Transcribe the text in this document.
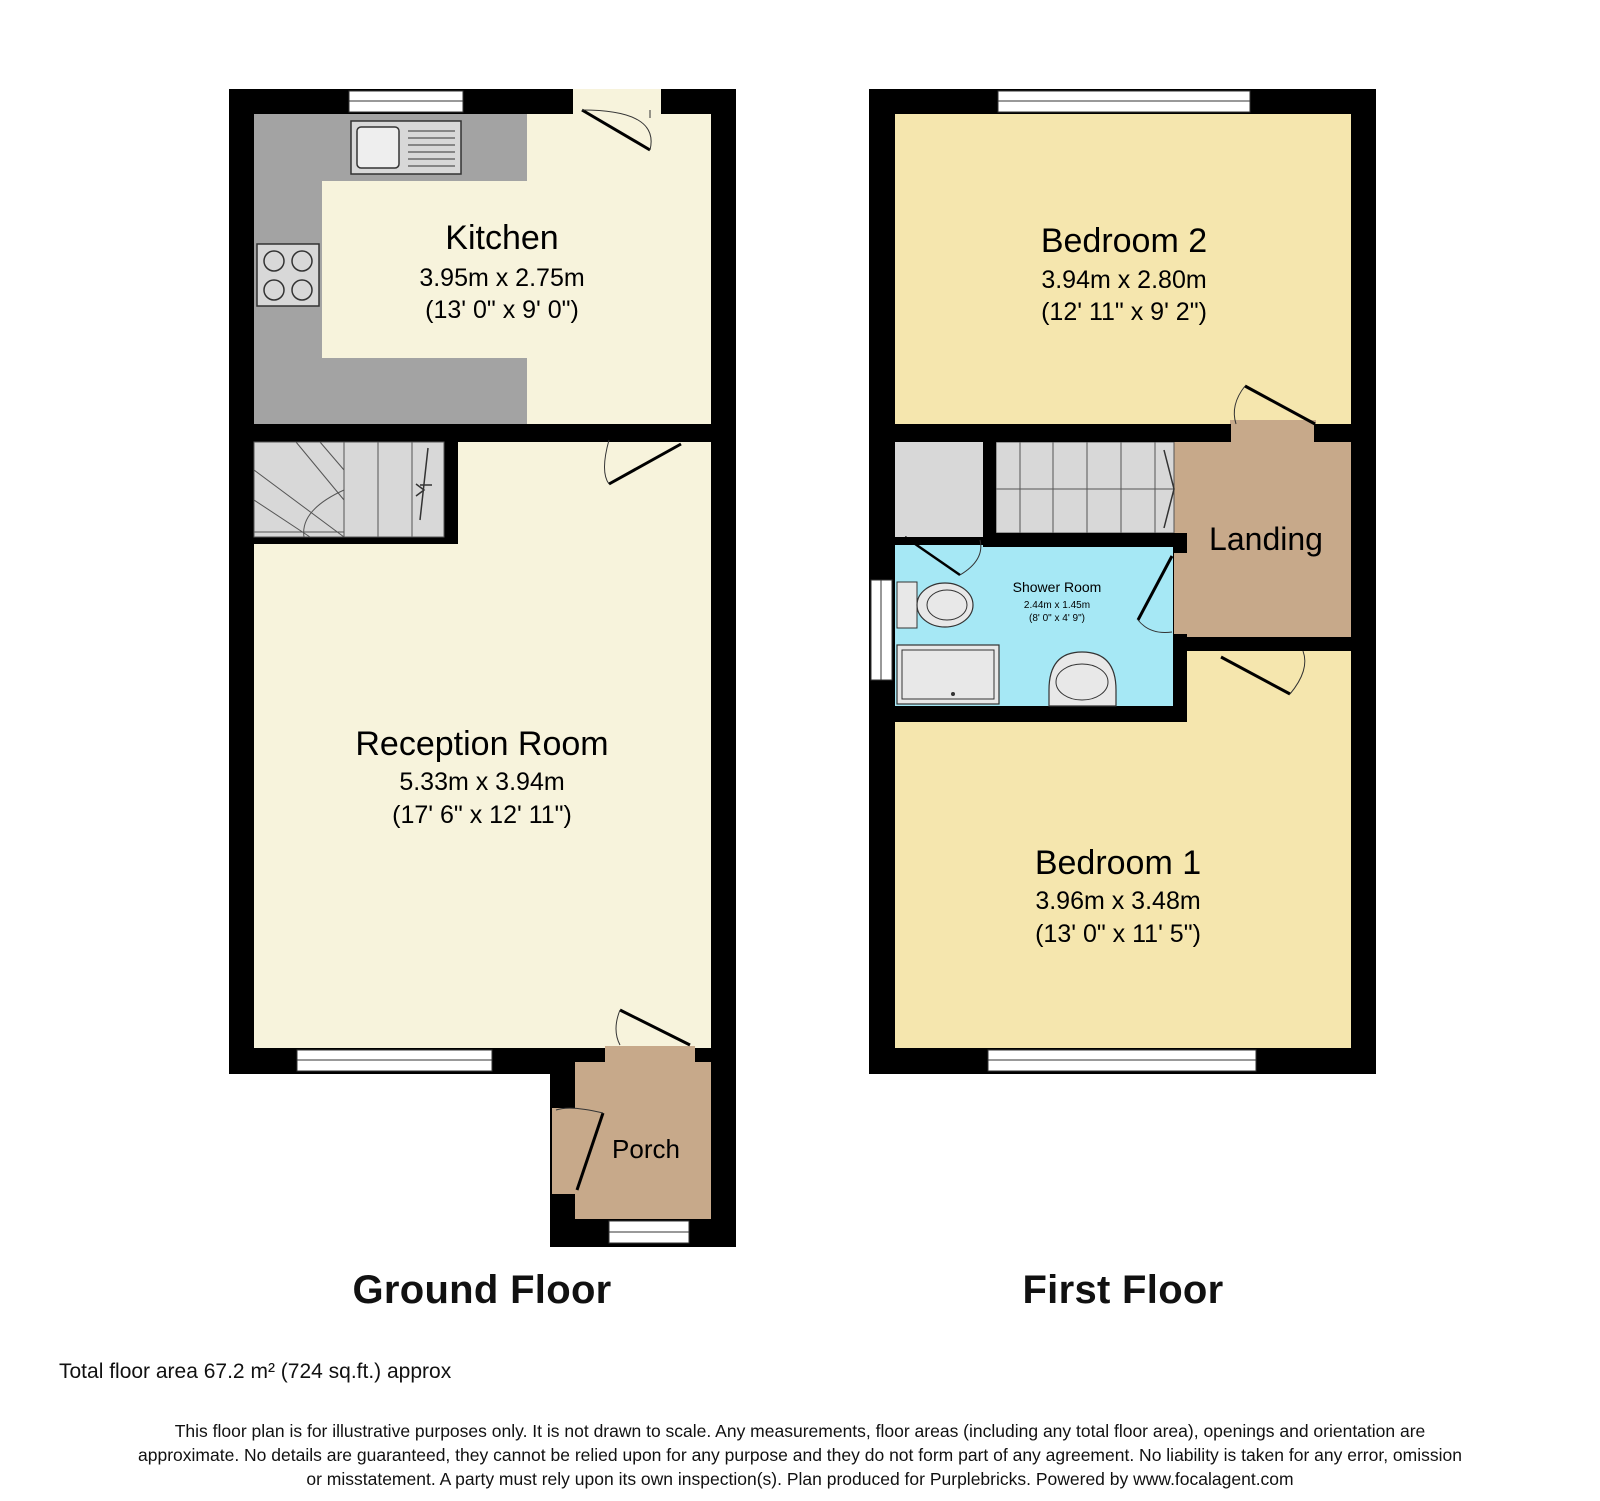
Kitchen
3.95m x 2.75m
(13' 0" x 9' 0")
Reception Room
5.33m x 3.94m
(17' 6" x 12' 11")
Porch
Bedroom 2
3.94m x 2.80m
(12' 11" x 9' 2")
Landing
Shower Room
2.44m x 1.45m
(8' 0" x 4' 9")
Bedroom 1
3.96m x 3.48m
(13' 0" x 11' 5")
Ground Floor	First Floor
Total floor area 67.2 m² (724 sq.ft.) approx
This floor plan is for illustrative purposes only. It is not drawn to scale. Any measurements, floor areas (including any total floor area), openings and orientation are
approximate. No details are guaranteed, they cannot be relied upon for any purpose and they do not form part of any agreement. No liability is taken for any error, omission
or misstatement. A party must rely upon its own inspection(s). Plan produced for Purplebricks. Powered by www.focalagent.com
